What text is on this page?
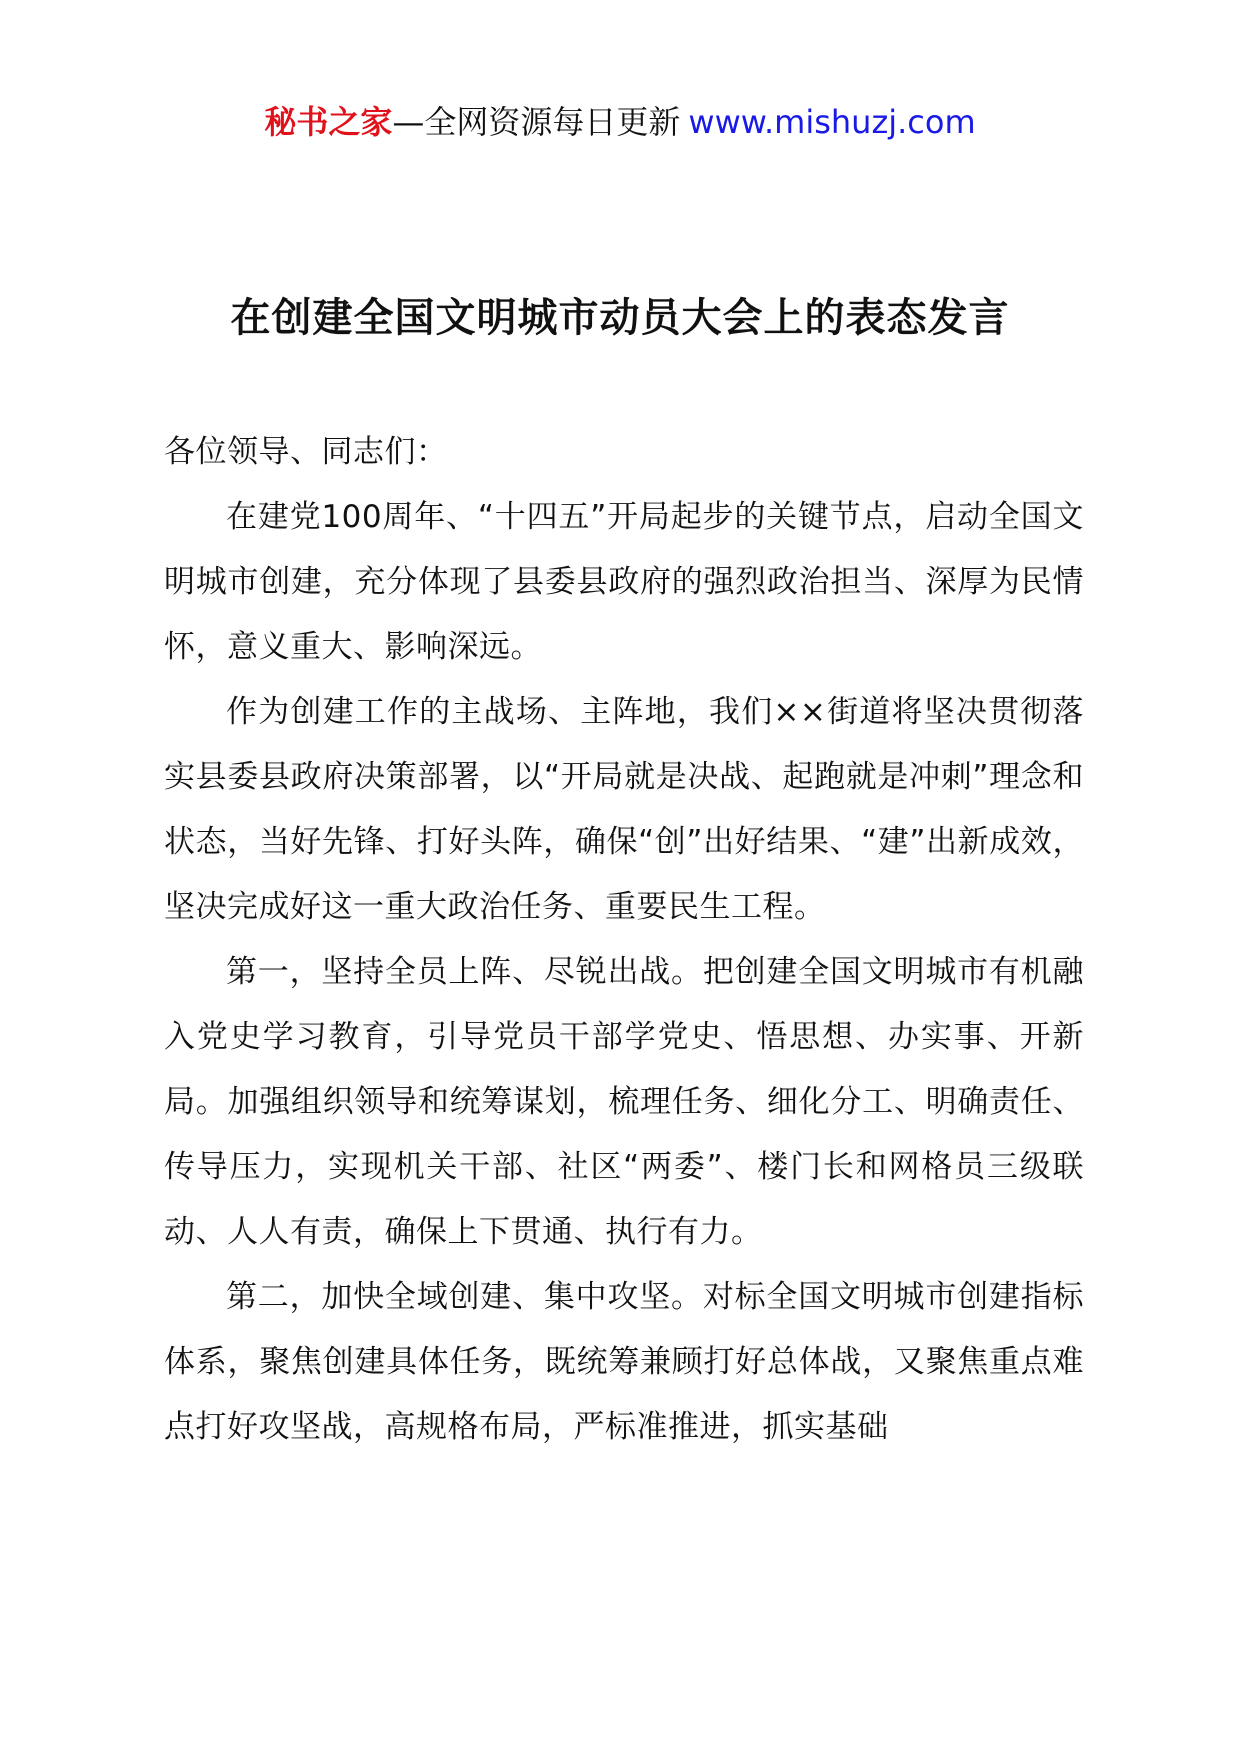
秘书之家—全网资源每日更新 www.mishuzj.com
在创建全国文明城市动员大会上的表态发言

各位领导、同志们：

在建党100周年、“十四五”开局起步的关键节点，启动全国文明城市创建，充分体现了县委县政府的强烈政治担当、深厚为民情怀，意义重大、影响深远。

作为创建工作的主战场、主阵地，我们××街道将坚决贯彻落实县委县政府决策部署，以“开局就是决战、起跑就是冲刺”理念和状态，当好先锋、打好头阵，确保“创”出好结果、“建”出新成效，坚决完成好这一重大政治任务、重要民生工程。

第一，坚持全员上阵、尽锐出战。把创建全国文明城市有机融入党史学习教育，引导党员干部学党史、悟思想、办实事、开新局。加强组织领导和统筹谋划，梳理任务、细化分工、明确责任、传导压力，实现机关干部、社区“两委”、楼门长和网格员三级联动、人人有责，确保上下贯通、执行有力。

第二，加快全域创建、集中攻坚。对标全国文明城市创建指标体系，聚焦创建具体任务，既统筹兼顾打好总体战，又聚焦重点难点打好攻坚战，高规格布局，严标准推进，抓实基础
